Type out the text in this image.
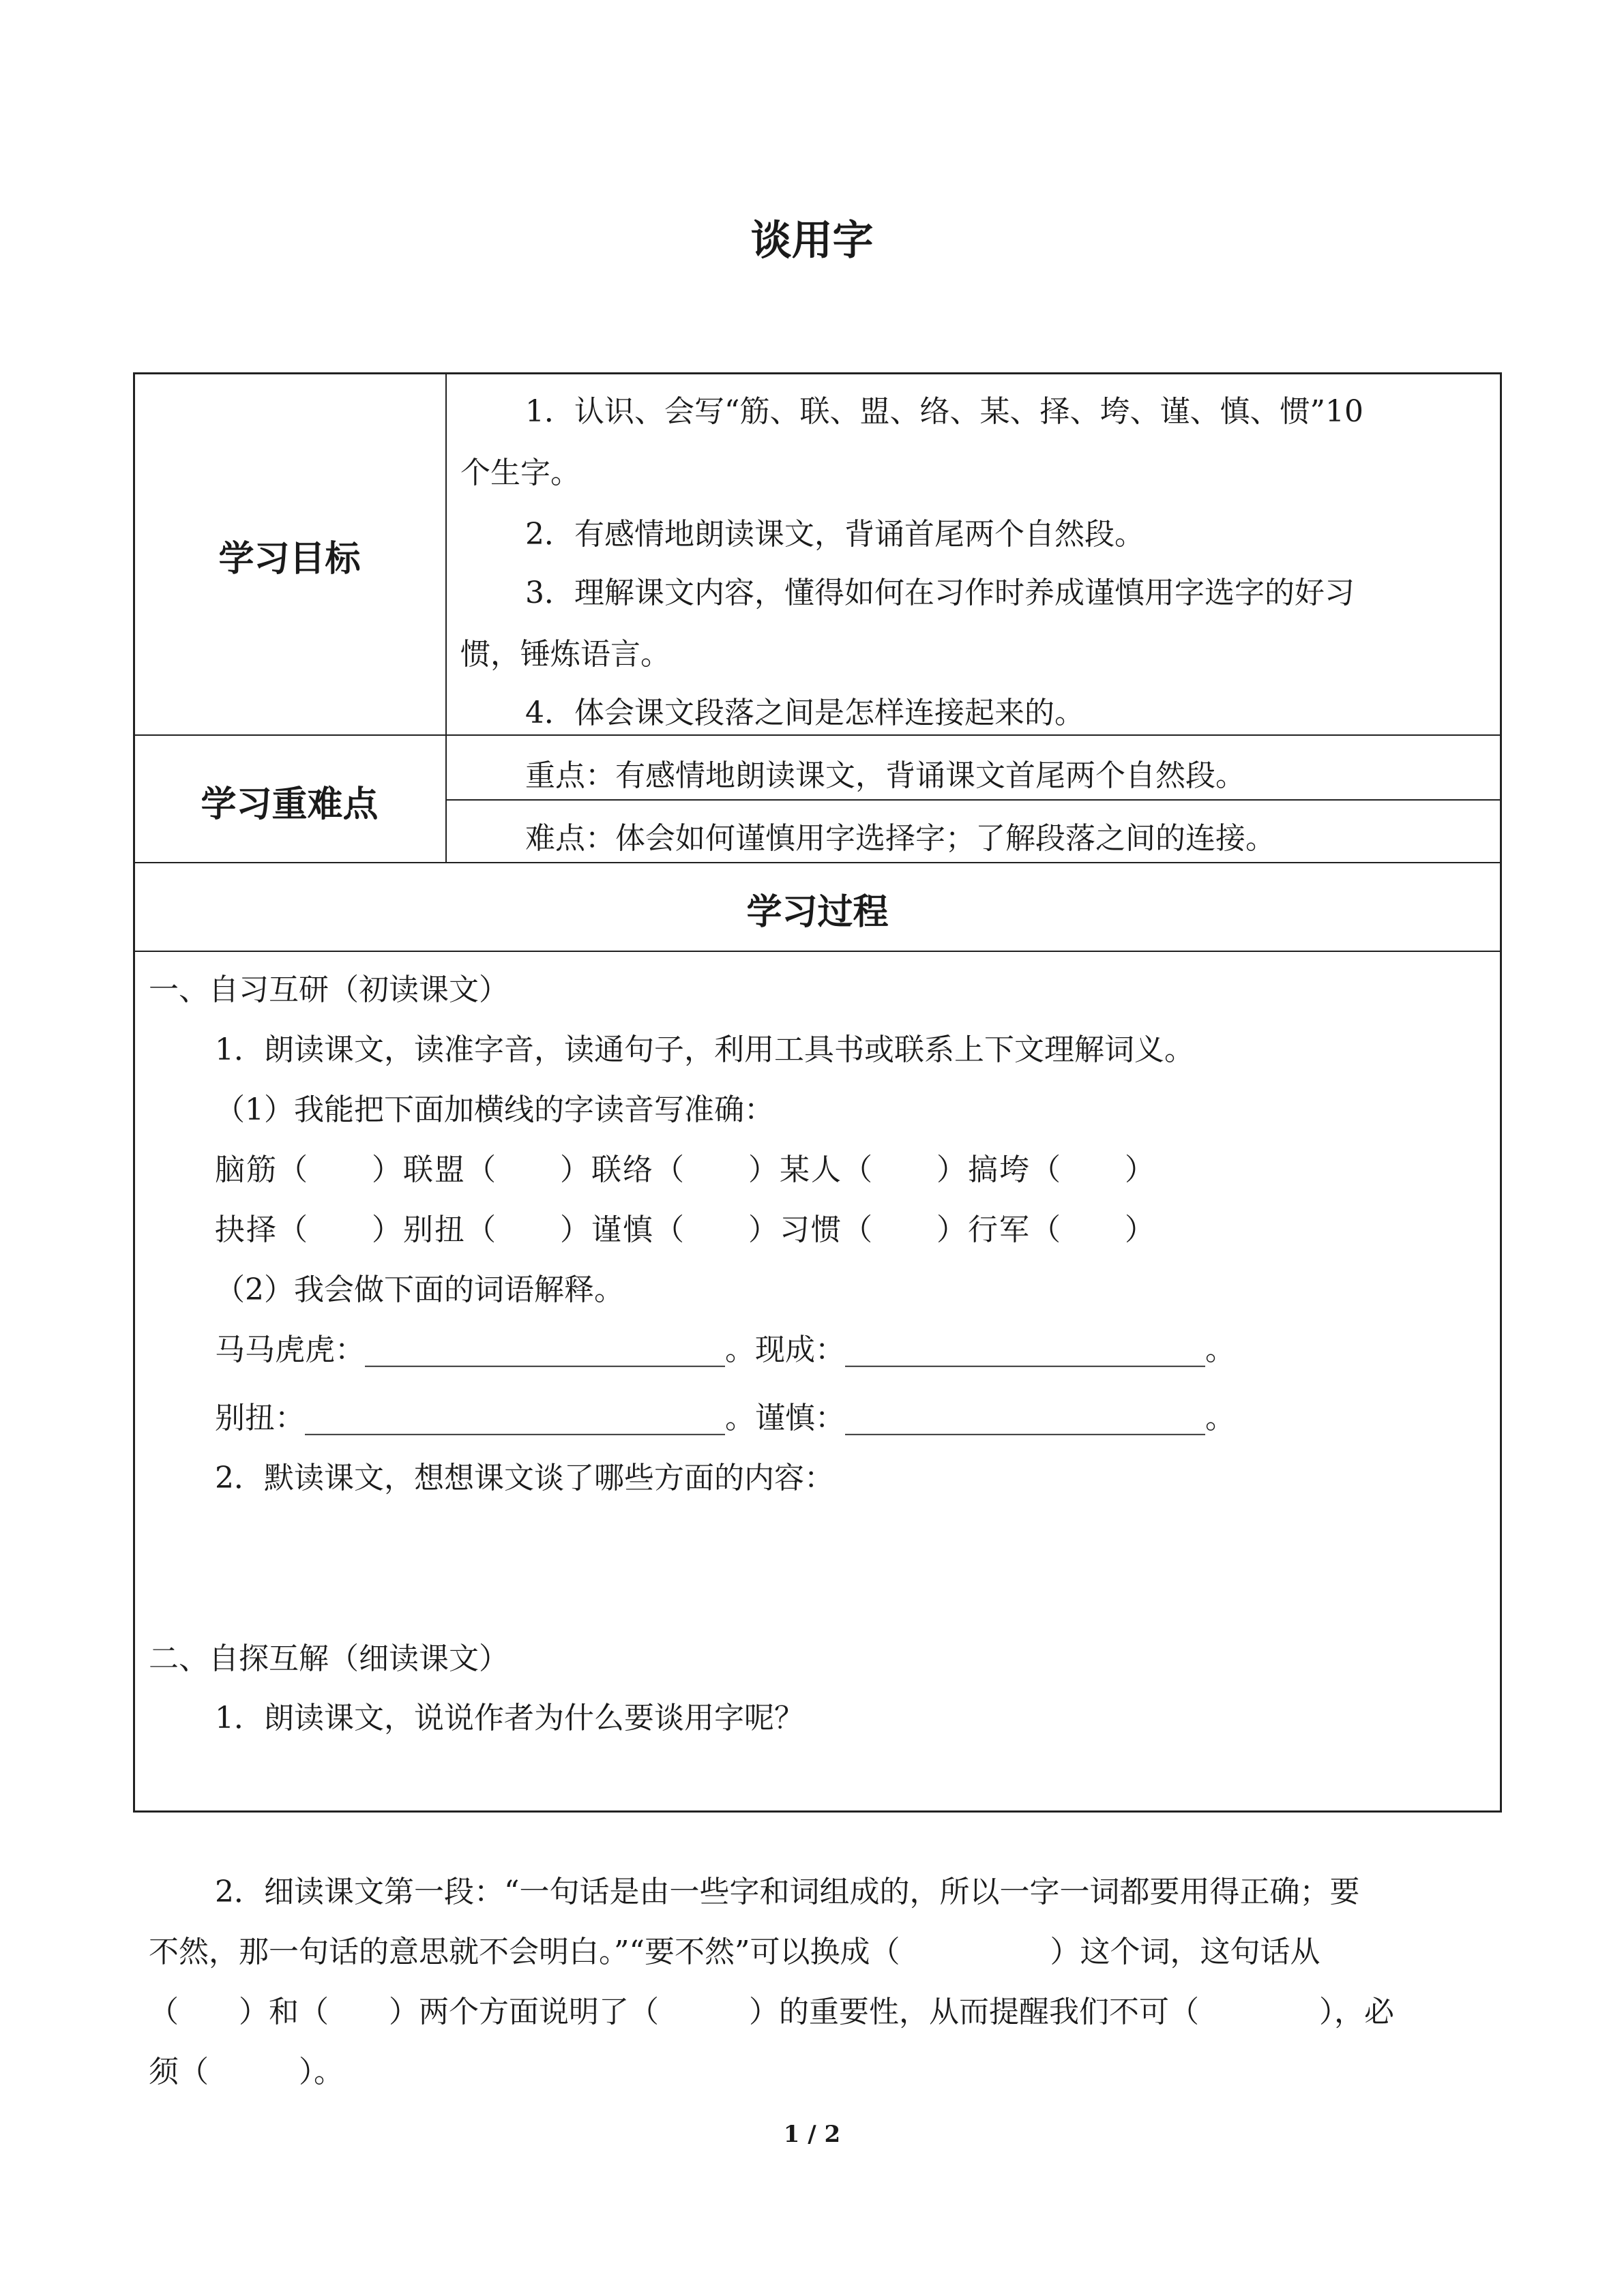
谈用字
学习目标
1．认识、会写“筋、联、盟、络、某、择、垮、谨、慎、惯”10
个生字。
2．有感情地朗读课文，背诵首尾两个自然段。
3．理解课文内容，懂得如何在习作时养成谨慎用字选字的好习
惯，锤炼语言。
4．体会课文段落之间是怎样连接起来的。
学习重难点
重点：有感情地朗读课文，背诵课文首尾两个自然段。
难点：体会如何谨慎用字选择字；了解段落之间的连接。
学习过程
一、自习互研（初读课文）
1．朗读课文，读准字音，读通句子，利用工具书或联系上下文理解词义。
（1）我能把下面加横线的字读音写准确：
脑筋（　　）联盟（　　）联络（　　）某人（　　）搞垮（　　）
抉择（　　）别扭（　　）谨慎（　　）习惯（　　）行军（　　）
（2）我会做下面的词语解释。
马马虎虎：________________________。现成：________________________。
别扭：____________________________。谨慎：________________________。
2．默读课文，想想课文谈了哪些方面的内容：
二、自探互解（细读课文）
1．朗读课文，说说作者为什么要谈用字呢？
2．细读课文第一段：“一句话是由一些字和词组成的，所以一字一词都要用得正确；要
不然，那一句话的意思就不会明白。”“要不然”可以换成（　　　　　）这个词，这句话从
（　　）和（　　）两个方面说明了（　　　）的重要性，从而提醒我们不可（　　　　），必
须（　　　）。
1 / 2
